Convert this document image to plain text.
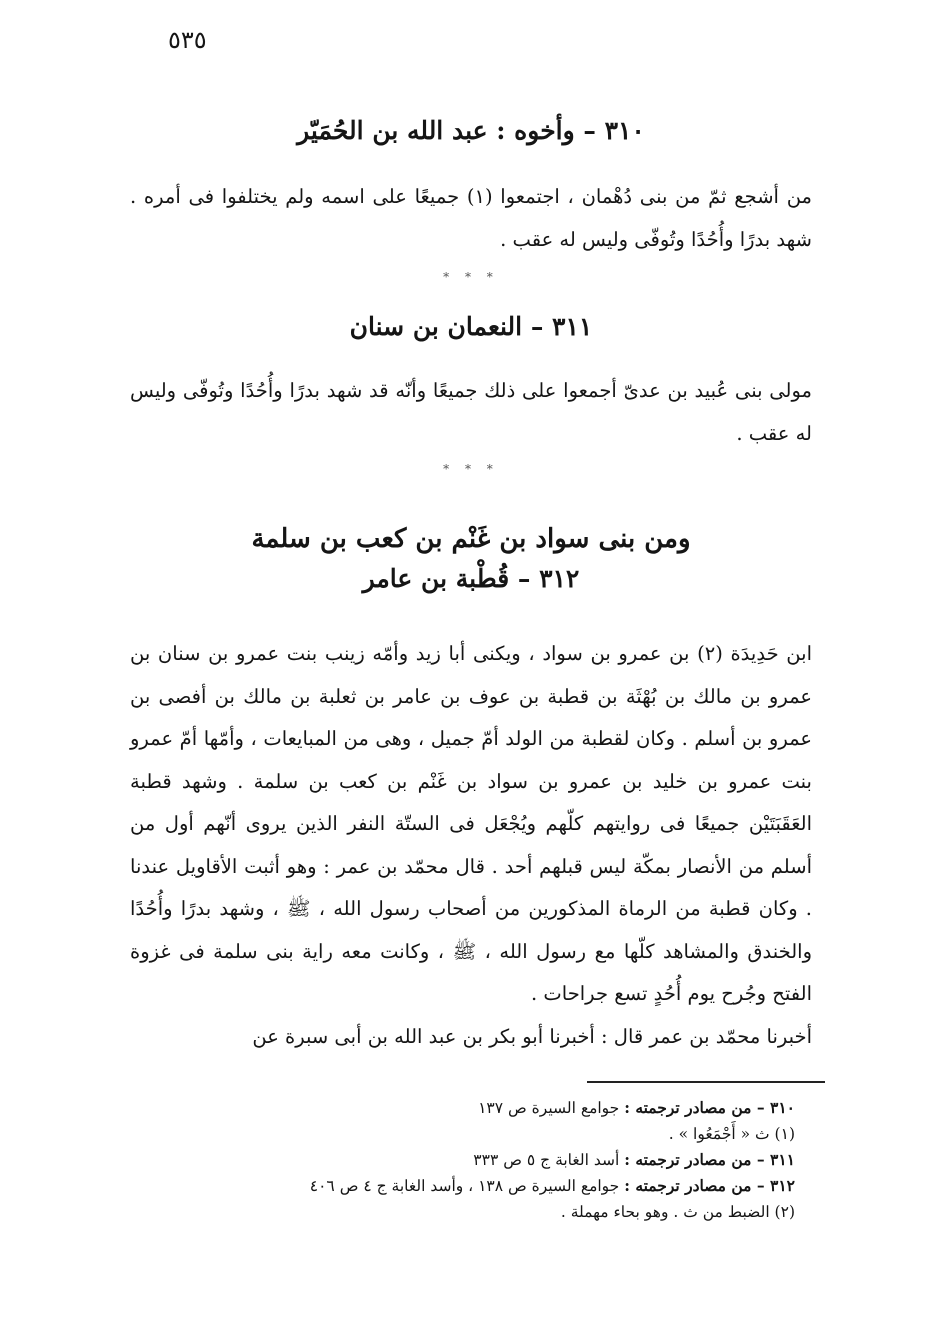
٥٣٥
٣١٠ – وأخوه : عبد الله بن الحُمَيّر
من أشجع ثمّ من بنى دُهْمان ، اجتمعوا (١) جميعًا على اسمه ولم يختلفوا فى أمره . شهد بدرًا وأُحُدًا وتُوفّى وليس له عقب .
* * *
٣١١ – النعمان بن سنان
مولى بنى عُبيد بن عدىّ أجمعوا على ذلك جميعًا وأنّه قد شهد بدرًا وأُحُدًا وتُوفّى وليس له عقب .
* * *
ومن بنى سواد بن غَنْم بن كعب بن سلمة
٣١٢ – قُطْبة بن عامر
ابن حَدِيدَة (٢) بن عمرو بن سواد ، ويكنى أبا زيد وأمّه زينب بنت عمرو بن سنان بن عمرو بن مالك بن بُهْثَة بن قطبة بن عوف بن عامر بن ثعلبة بن مالك بن أفصى بن عمرو بن أسلم . وكان لقطبة من الولد أمّ جميل ، وهى من المبايعات ، وأمّها أمّ عمرو بنت عمرو بن خليد بن عمرو بن سواد بن غَنْم بن كعب بن سلمة . وشهد قطبة العَقَبَتَيْن جميعًا فى روايتهم كلّهم ويُجْعَل فى الستّة النفر الذين يروى أنّهم أول من أسلم من الأنصار بمكّة ليس قبلهم أحد . قال محمّد بن عمر : وهو أثبت الأقاويل عندنا . وكان قطبة من الرماة المذكورين من أصحاب رسول الله ، ﷺ ، وشهد بدرًا وأُحُدًا والخندق والمشاهد كلّها مع رسول الله ، ﷺ ، وكانت معه راية بنى سلمة فى غزوة الفتح وجُرح يوم أُحُدٍ تسع جراحات .
أخبرنا محمّد بن عمر قال : أخبرنا أبو بكر بن عبد الله بن أبى سبرة عن
٣١٠ – من مصادر ترجمته : جوامع السيرة ص ١٣٧
(١) ث « أَجْمَعُوا » .
٣١١ – من مصادر ترجمته : أسد الغابة ج ٥ ص ٣٣٣
٣١٢ – من مصادر ترجمته : جوامع السيرة ص ١٣٨ ، وأسد الغابة ج ٤ ص ٤٠٦
(٢) الضبط من ث . وهو بحاء مهملة .
